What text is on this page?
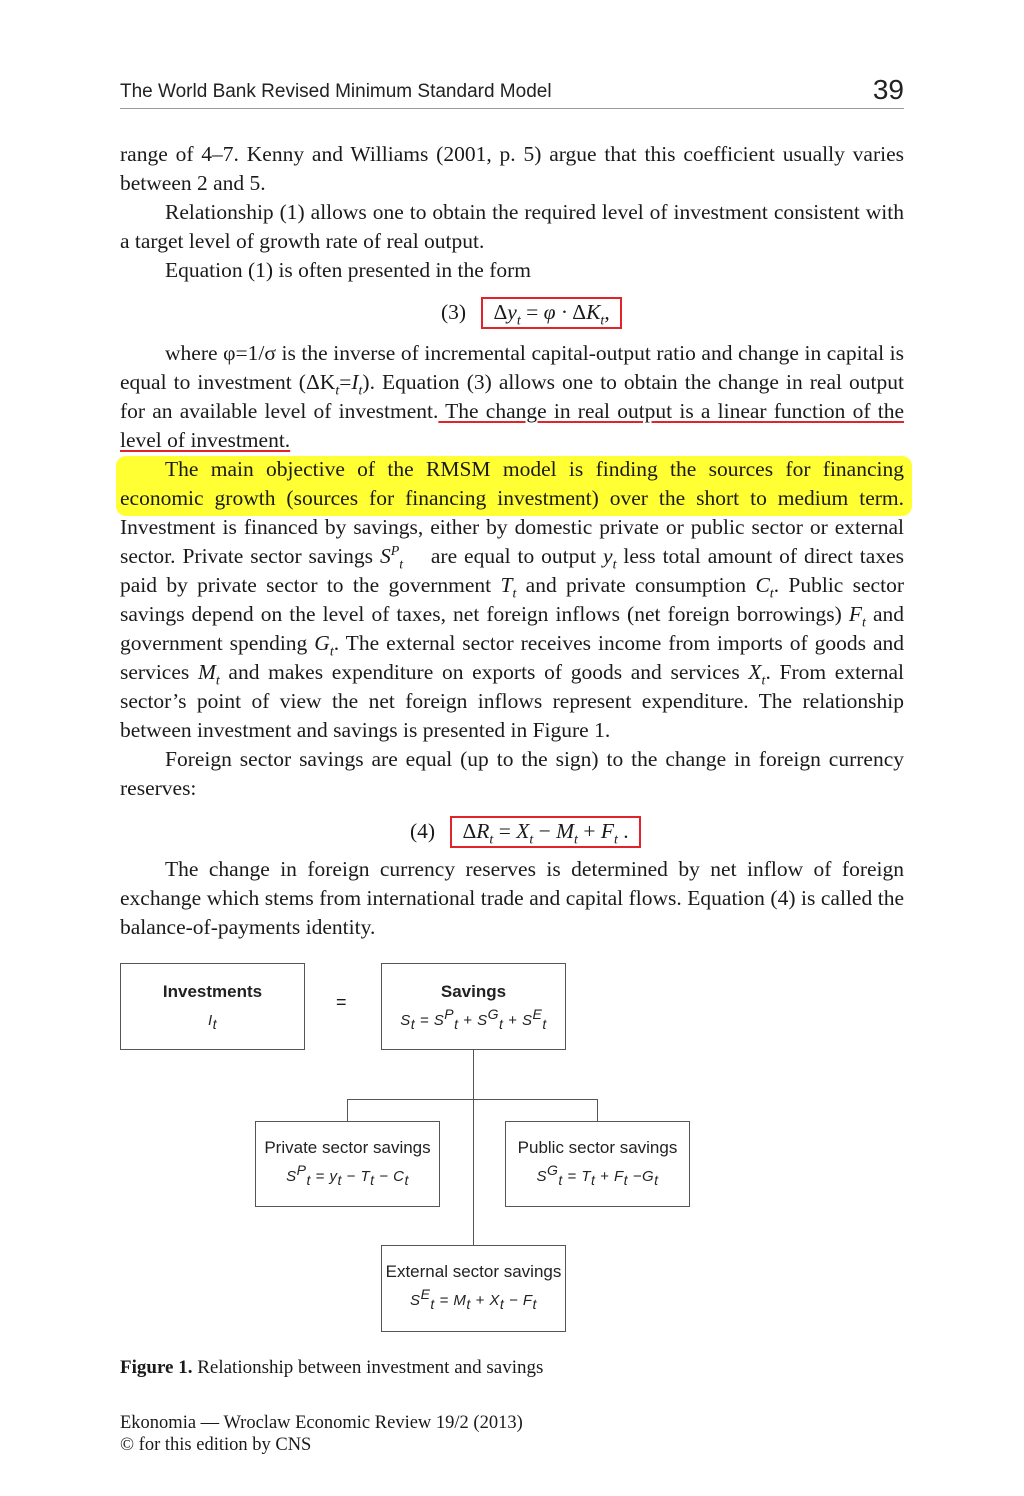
The World Bank Revised Minimum Standard Model	39

range of 4–7. Kenny and Williams (2001, p. 5) argue that this coefficient usually varies between 2 and 5.

Relationship (1) allows one to obtain the required level of investment consistent with a target level of growth rate of real output.

Equation (1) is often presented in the form

(3) $\Delta y_t = \varphi \cdot \Delta K_t$,

where φ=1/σ is the inverse of incremental capital-output ratio and change in capital is equal to investment $(\Delta K_t=I_t)$. Equation (3) allows one to obtain the change in real output for an available level of investment. The change in real output is a linear function of the level of investment.

The main objective of the RMSM model is finding the sources for financing economic growth (sources for financing investment) over the short to medium term. Investment is financed by savings, either by domestic private or public sector or external sector. Private sector savings $S^P_t$    are equal to output $y_t$ less total amount of direct taxes paid by private sector to the government $T_t$ and private consumption $C_t$. Public sector savings depend on the level of taxes, net foreign inflows (net foreign borrowings) $F_t$ and government spending $G_t$. The external sector receives income from imports of goods and services $M_t$ and makes expenditure on exports of goods and services $X_t$. From external sector’s point of view the net foreign inflows represent expenditure. The relationship between investment and savings is presented in Figure 1.

Foreign sector savings are equal (up to the sign) to the change in foreign currency reserves:

(4) $\Delta R_t = X_t - M_t + F_t$ .

The change in foreign currency reserves is determined by net inflow of foreign exchange which stems from international trade and capital flows. Equation (4) is called the balance-of-payments identity.

Investments
$I_t$
=
Savings
$S_t = S^P_t + S^G_t + S^E_t$
Private sector savings
$S^P_t = y_t - T_t - C_t$
Public sector savings
$S^G_t = T_t + F_t -G_t$
External sector savings
$S^E_t = M_t + X_t - F_t$
Figure 1. Relationship between investment and savings
Ekonomia — Wroclaw Economic Review 19/2 (2013)
© for this edition by CNS
